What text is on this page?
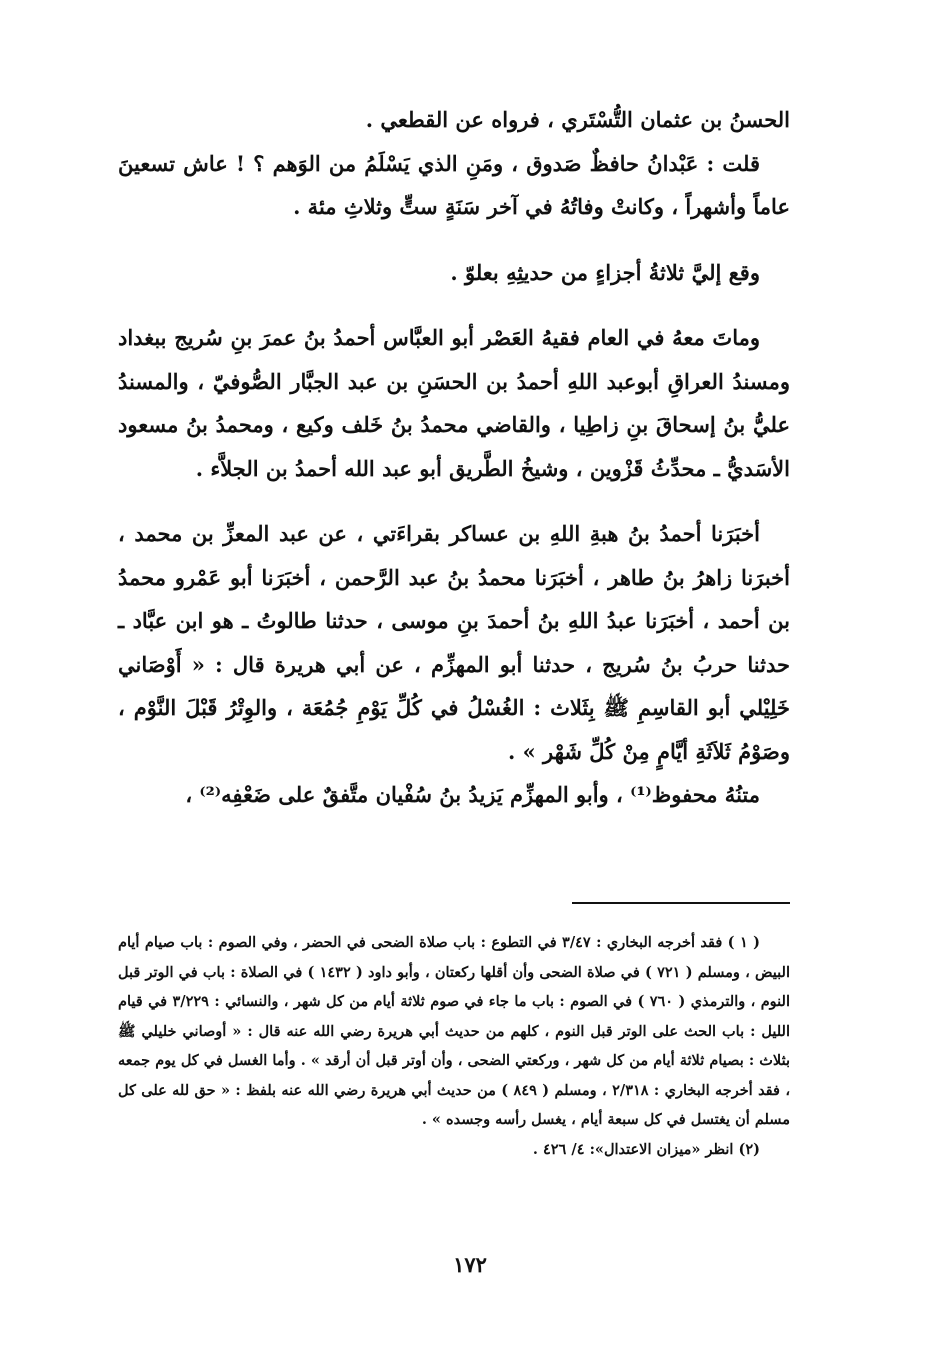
الحسنُ بن عثمان التُّسْتَري ، فرواه عن القطعي .

قلت : عَبْدانُ حافظٌ صَدوق ، ومَنِ الذي يَسْلَمُ من الوَهم ؟ ! عاش تسعينَ عاماً وأشهراً ، وكانتْ وفاتُهُ في آخر سَنَةٍ ستٍّ وثلاثِ مئة .

وقع إليَّ ثلاثةُ أجزاءٍ من حديثِهِ بعلوّ .

وماتَ معهُ في العام فقيهُ العَصْر أبو العبَّاس أحمدُ بنُ عمرَ بنِ سُريج ببغداد ومسندُ العراقِ أبوعبد اللهِ أحمدُ بن الحسَنِ بن عبد الجبَّار الصُّوفيّ ، والمسندُ عليُّ بنُ إسحاقَ بنِ زاطِيا ، والقاضي محمدُ بنُ خَلف وكيع ، ومحمدُ بنُ مسعود الأسَديُّ ـ محدِّثُ قَزْوين ، وشيخُ الطَّريق أبو عبد الله أحمدُ بن الجلاَّء .

أخبَرَنا أحمدُ بنُ هبةِ اللهِ بن عساكر بقراءَتي ، عن عبد المعزِّ بن محمد ، أخبرَنا زاهرُ بنُ طاهر ، أخبَرَنا محمدُ بنُ عبد الرَّحمن ، أخبَرَنا أبو عَمْرو محمدُ بن أحمد ، أخبَرَنا عبدُ اللهِ بنُ أحمدَ بنِ موسى ، حدثنا طالوتُ ـ هو ابن عبَّاد ـ حدثنا حربُ بنُ سُريج ، حدثنا أبو المهزِّم ، عن أبي هريرة قال : « أَوْصَاني خَلِيْلي أبو القاسِمِ ﷺ بِثَلاث : الغُسْلُ في كُلِّ يَوْمِ جُمُعَة ، والوِتْرُ قَبْلَ النَّوْم ، وصَوْمُ ثَلاَثَةِ أيَّامٍ مِنْ كُلِّ شَهْر » .

متنُهُ محفوظ⁽¹⁾ ، وأبو المهزِّم يَزيدُ بنُ سُفْيان متَّفقٌ على ضَعْفِه⁽²⁾ ،

( ١ ) فقد أخرجه البخاري : ٣/٤٧ في التطوع : باب صلاة الضحى في الحضر ، وفي الصوم : باب صيام أيام البيض ، ومسلم ( ٧٢١ ) في صلاة الضحى وأن أقلها ركعتان ، وأبو داود ( ١٤٣٢ ) في الصلاة : باب في الوتر قبل النوم ، والترمذي ( ٧٦٠ ) في الصوم : باب ما جاء في صوم ثلاثة أيام من كل شهر ، والنسائي : ٣/٢٢٩ في قيام الليل : باب الحث على الوتر قبل النوم ، كلهم من حديث أبي هريرة رضي الله عنه قال : « أوصاني خليلي ﷺ بثلاث : بصيام ثلاثة أيام من كل شهر ، وركعتي الضحى ، وأن أوتر قبل أن أرقد » . وأما الغسل في كل يوم جمعه ، فقد أخرجه البخاري : ٢/٣١٨ ، ومسلم ( ٨٤٩ ) من حديث أبي هريرة رضي الله عنه بلفظ : « حق لله على كل مسلم أن يغتسل في كل سبعة أيام ، يغسل رأسه وجسده » .

(٢) انظر «ميزان الاعتدال»: ٤/ ٤٢٦ .

١٧٢
